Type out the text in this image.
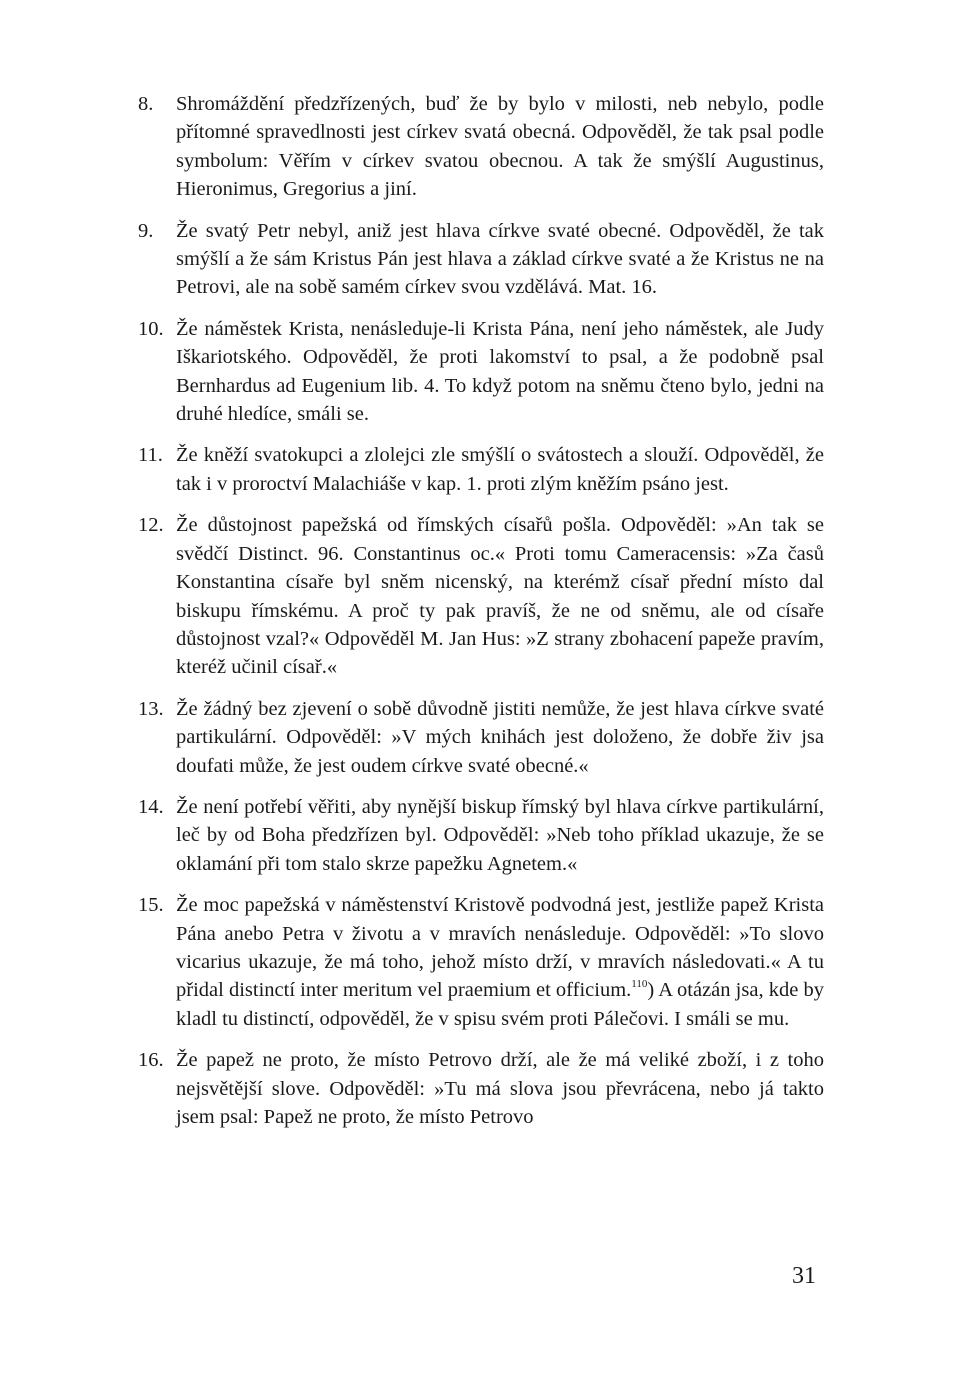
8.	Shromáždění předzřízených, buď že by bylo v milosti, neb nebylo, podle přítomné spravedlnosti jest církev svatá obecná. Odpověděl, že tak psal podle symbolum: Věřím v církev svatou obecnou. A tak že smýšlí Augustinus, Hieronimus, Gregorius a jiní.
9.	Že svatý Petr nebyl, aniž jest hlava církve svaté obecné. Odpověděl, že tak smýšlí a že sám Kristus Pán jest hlava a základ církve svaté a že Kristus ne na Petrovi, ale na sobě samém církev svou vzdělává. Mat. 16.
10. Že náměstek Krista, nenásleduje-li Krista Pána, není jeho náměstek, ale Judy Iškariotského. Odpověděl, že proti lakomství to psal, a že podobně psal Bernhardus ad Eugenium lib. 4. To když potom na sněmu čteno bylo, jedni na druhé hledíce, smáli se.
11. Že kněží svatokupci a zlolejci zle smýšlí o svátostech a slouží. Odpověděl, že tak i v proroctví Malachiáše v kap. 1. proti zlým kněžím psáno jest.
12. Že důstojnost papežská od římských císařů pošla. Odpověděl: »An tak se svědčí Distinct. 96. Constantinus oc.« Proti tomu Cameracensis: »Za časů Konstantina císaře byl sněm nicenský, na kterémž císař přední místo dal biskupu římskému. A proč ty pak pravíš, že ne od sněmu, ale od císaře důstojnost vzal?« Odpověděl M. Jan Hus: »Z strany zbohacení papeže pravím, kteréž učinil císař.«
13. Že žádný bez zjevení o sobě důvodně jistiti nemůže, že jest hlava církve svaté partikulární. Odpověděl: »V mých knihách jest doloženo, že dobře živ jsa doufati může, že jest oudem církve svaté obecné.«
14. Že není potřebí věřiti, aby nynější biskup římský byl hlava církve partikulární, leč by od Boha předzřízen byl. Odpověděl: »Neb toho příklad ukazuje, že se oklamání při tom stalo skrze papežku Agnetem.«
15. Že moc papežská v náměstenství Kristově podvodná jest, jestliže papež Krista Pána anebo Petra v životu a v mravích nenásleduje. Odpověděl: »To slovo vicarius ukazuje, že má toho, jehož místo drží, v mravích následovati.« A tu přidal distinctí inter meritum vel praemium et officium.$^{110}$) A otázán jsa, kde by kladl tu distinctí, odpověděl, že v spisu svém proti Pálečovi. I smáli se mu.
16. Že papež ne proto, že místo Petrovo drží, ale že má veliké zboží, i z toho nejsvětější slove. Odpověděl: »Tu má slova jsou převrácena, nebo já takto jsem psal: Papež ne proto, že místo Petrovo
31
